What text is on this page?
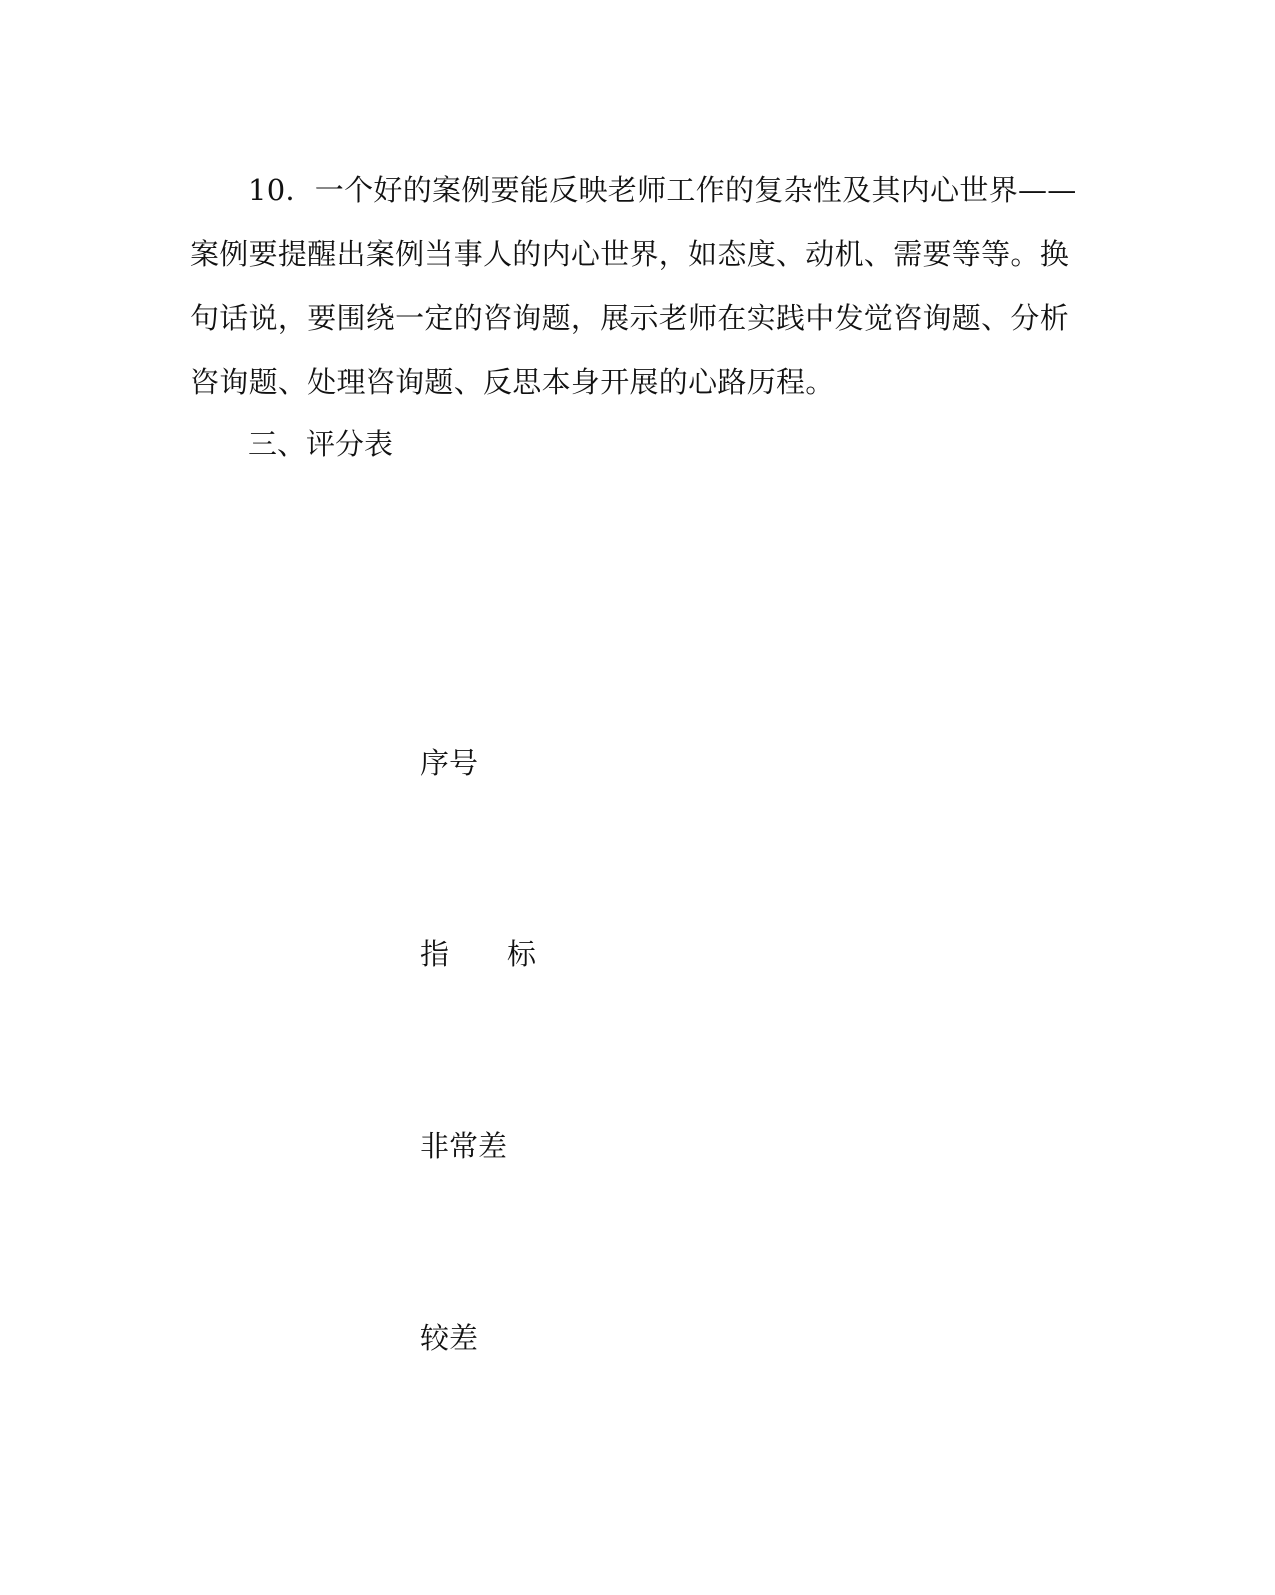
10．一个好的案例要能反映老师工作的复杂性及其内心世界——
案例要提醒出案例当事人的内心世界，如态度、动机、需要等等。换
句话说，要围绕一定的咨询题，展示老师在实践中发觉咨询题、分析
咨询题、处理咨询题、反思本身开展的心路历程。

三、评分表

序号

指　　标

非常差

较差
